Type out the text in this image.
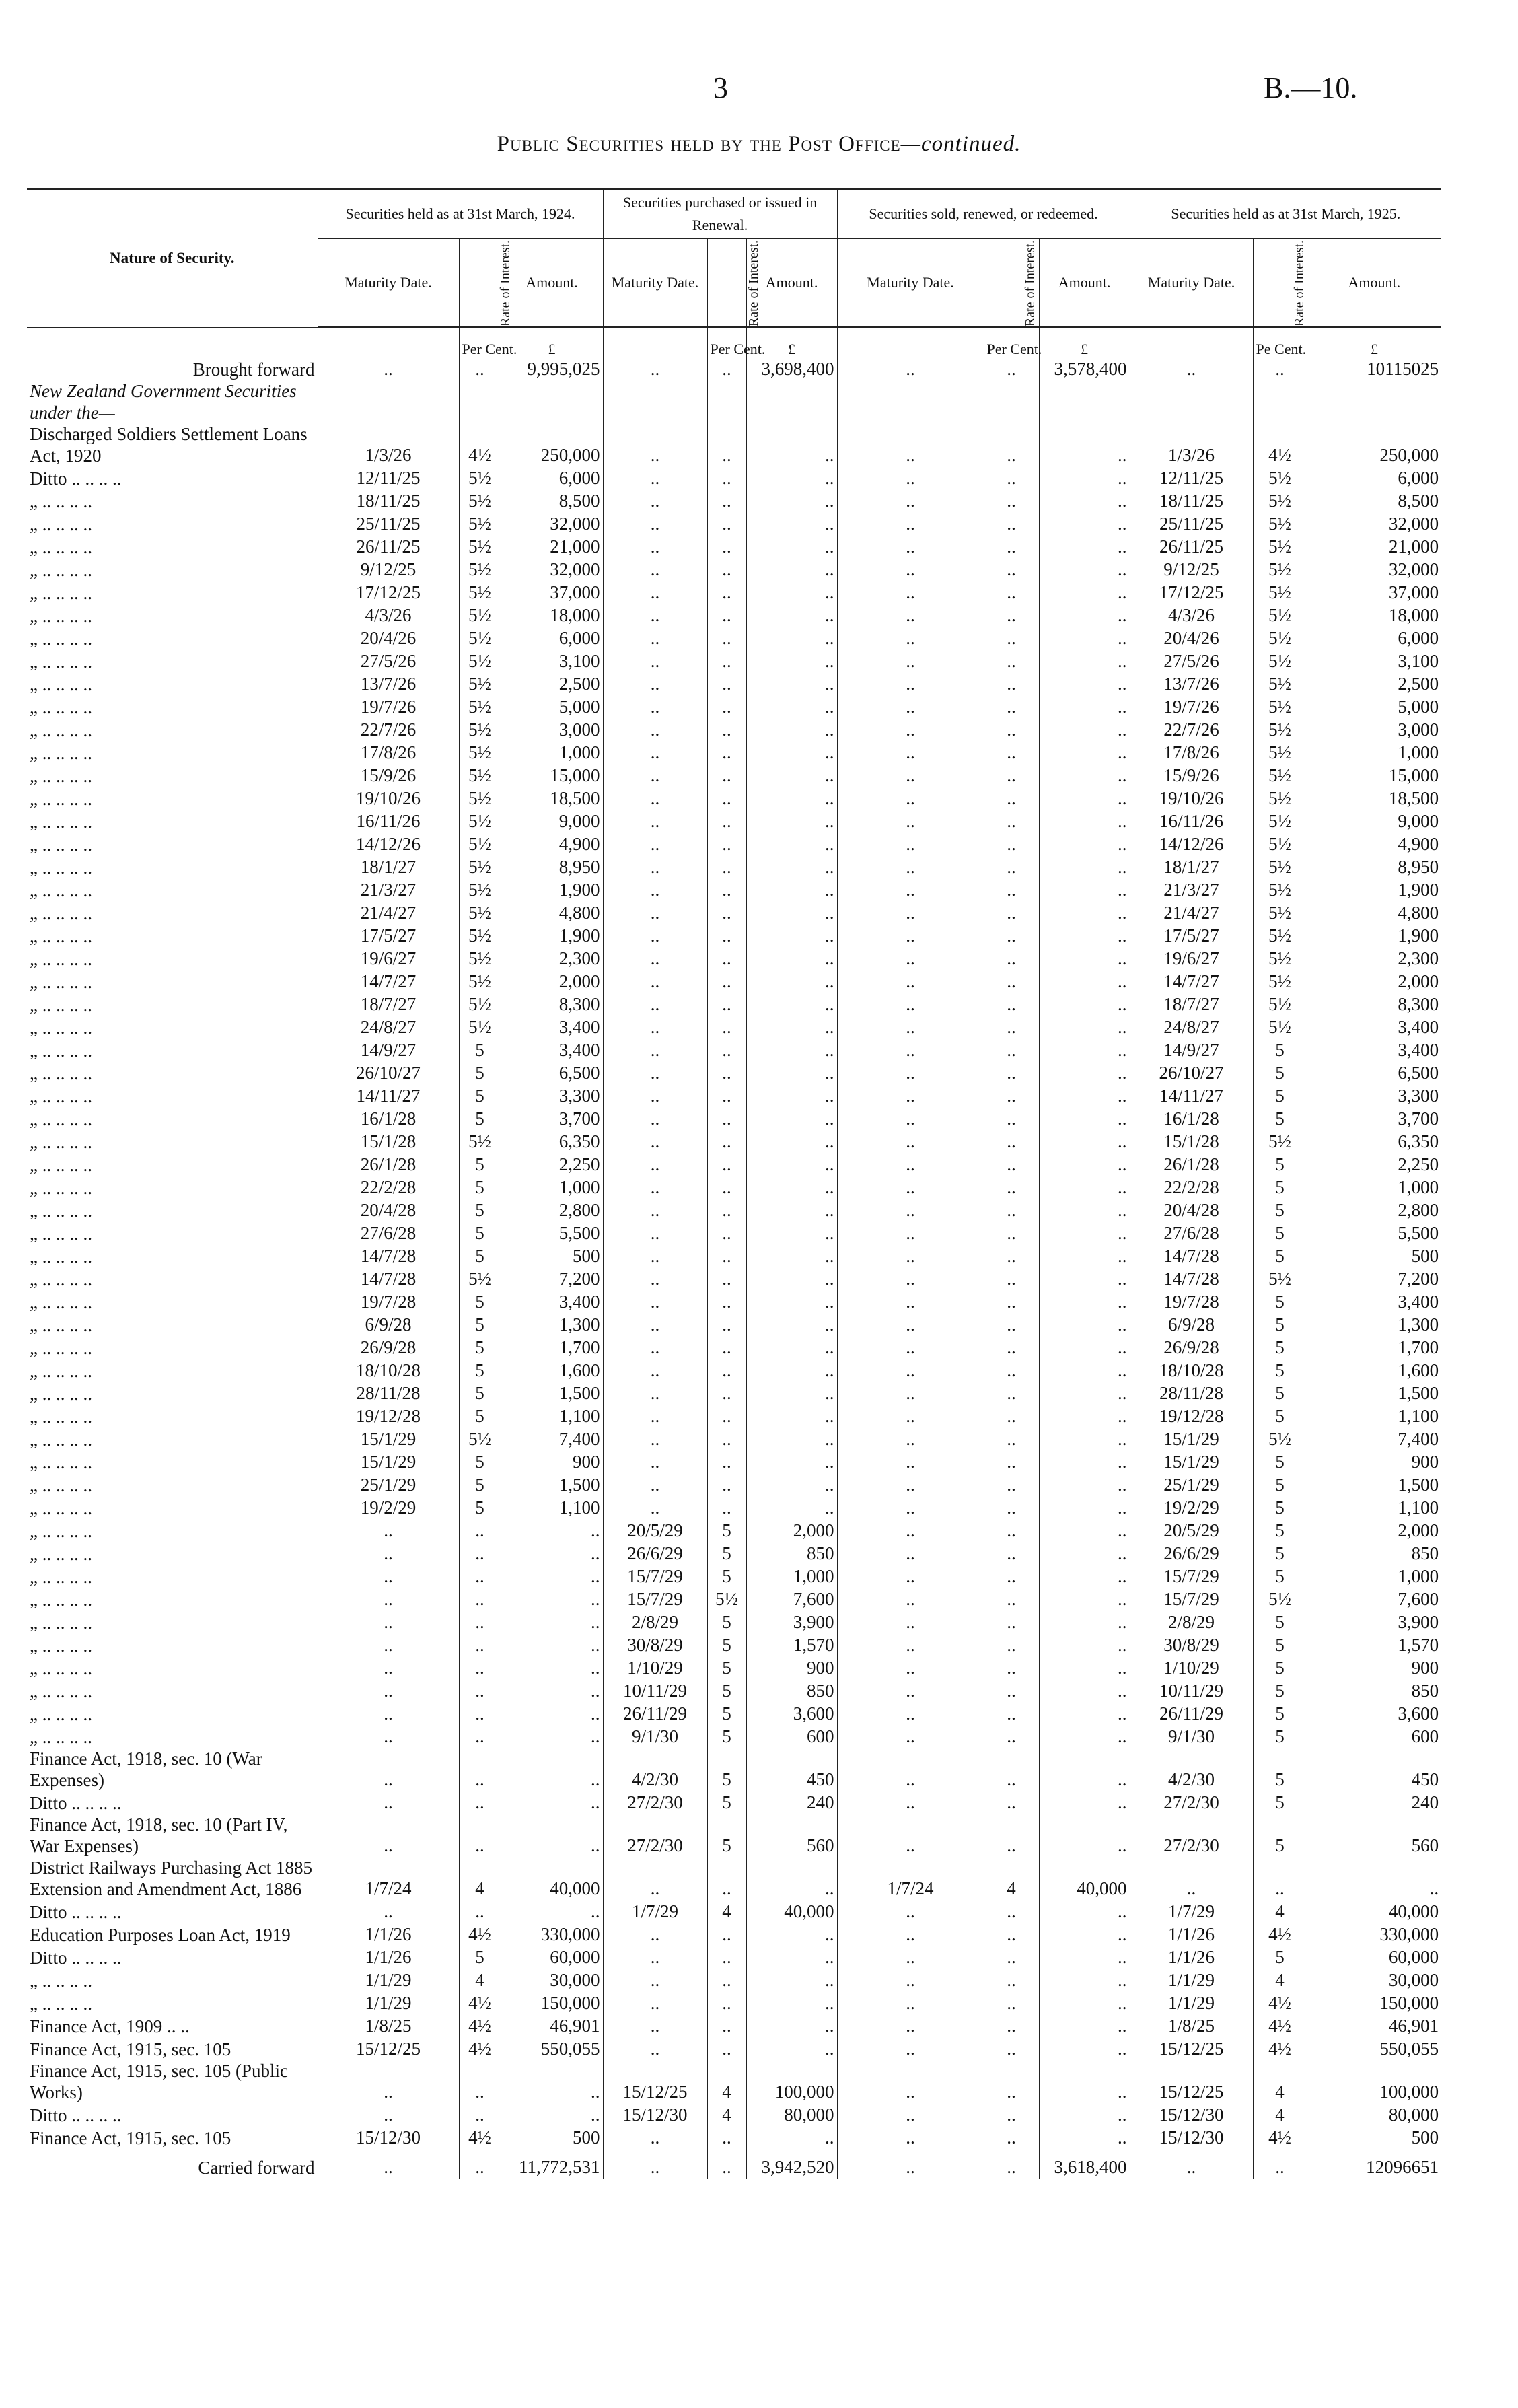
3	B.—10.
Public Securities held by the Post Office—continued.
Nature of Security.	Securities held as at 31st March, 1924.			Securities purchased or issued in Renewal.			Securities sold, renewed, or redeemed.			Securities held as at 31st March, 1925.		
	Maturity Date.	Rate of Interest.	Amount.	Maturity Date.	Rate of Interest.	Amount.	Maturity Date.	Rate of Interest.	Amount.	Maturity Date.	Rate of Interest.	Amount.
		Per Cent.	£		Per Cent.	£		Per Cent.	£		Pe Cent.	£
Brought forward	..	..	9,995,025	..	..	3,698,400	..	..	3,578,400	..	..	10115025
New Zealand Government Securities under the—												
Discharged Soldiers Settlement Loans Act, 1920	1/3/26	4½	250,000	..	..	..	..	..	..	1/3/26	4½	250,000
Ditto .. .. .. ..	12/11/25	5½	6,000	..	..	..	..	..	..	12/11/25	5½	6,000
„ .. .. .. ..	18/11/25	5½	8,500	..	..	..	..	..	..	18/11/25	5½	8,500
„ .. .. .. ..	25/11/25	5½	32,000	..	..	..	..	..	..	25/11/25	5½	32,000
„ .. .. .. ..	26/11/25	5½	21,000	..	..	..	..	..	..	26/11/25	5½	21,000
„ .. .. .. ..	9/12/25	5½	32,000	..	..	..	..	..	..	9/12/25	5½	32,000
„ .. .. .. ..	17/12/25	5½	37,000	..	..	..	..	..	..	17/12/25	5½	37,000
„ .. .. .. ..	4/3/26	5½	18,000	..	..	..	..	..	..	4/3/26	5½	18,000
„ .. .. .. ..	20/4/26	5½	6,000	..	..	..	..	..	..	20/4/26	5½	6,000
„ .. .. .. ..	27/5/26	5½	3,100	..	..	..	..	..	..	27/5/26	5½	3,100
„ .. .. .. ..	13/7/26	5½	2,500	..	..	..	..	..	..	13/7/26	5½	2,500
„ .. .. .. ..	19/7/26	5½	5,000	..	..	..	..	..	..	19/7/26	5½	5,000
„ .. .. .. ..	22/7/26	5½	3,000	..	..	..	..	..	..	22/7/26	5½	3,000
„ .. .. .. ..	17/8/26	5½	1,000	..	..	..	..	..	..	17/8/26	5½	1,000
„ .. .. .. ..	15/9/26	5½	15,000	..	..	..	..	..	..	15/9/26	5½	15,000
„ .. .. .. ..	19/10/26	5½	18,500	..	..	..	..	..	..	19/10/26	5½	18,500
„ .. .. .. ..	16/11/26	5½	9,000	..	..	..	..	..	..	16/11/26	5½	9,000
„ .. .. .. ..	14/12/26	5½	4,900	..	..	..	..	..	..	14/12/26	5½	4,900
„ .. .. .. ..	18/1/27	5½	8,950	..	..	..	..	..	..	18/1/27	5½	8,950
„ .. .. .. ..	21/3/27	5½	1,900	..	..	..	..	..	..	21/3/27	5½	1,900
„ .. .. .. ..	21/4/27	5½	4,800	..	..	..	..	..	..	21/4/27	5½	4,800
„ .. .. .. ..	17/5/27	5½	1,900	..	..	..	..	..	..	17/5/27	5½	1,900
„ .. .. .. ..	19/6/27	5½	2,300	..	..	..	..	..	..	19/6/27	5½	2,300
„ .. .. .. ..	14/7/27	5½	2,000	..	..	..	..	..	..	14/7/27	5½	2,000
„ .. .. .. ..	18/7/27	5½	8,300	..	..	..	..	..	..	18/7/27	5½	8,300
„ .. .. .. ..	24/8/27	5½	3,400	..	..	..	..	..	..	24/8/27	5½	3,400
„ .. .. .. ..	14/9/27	5	3,400	..	..	..	..	..	..	14/9/27	5	3,400
„ .. .. .. ..	26/10/27	5	6,500	..	..	..	..	..	..	26/10/27	5	6,500
„ .. .. .. ..	14/11/27	5	3,300	..	..	..	..	..	..	14/11/27	5	3,300
„ .. .. .. ..	16/1/28	5	3,700	..	..	..	..	..	..	16/1/28	5	3,700
„ .. .. .. ..	15/1/28	5½	6,350	..	..	..	..	..	..	15/1/28	5½	6,350
„ .. .. .. ..	26/1/28	5	2,250	..	..	..	..	..	..	26/1/28	5	2,250
„ .. .. .. ..	22/2/28	5	1,000	..	..	..	..	..	..	22/2/28	5	1,000
„ .. .. .. ..	20/4/28	5	2,800	..	..	..	..	..	..	20/4/28	5	2,800
„ .. .. .. ..	27/6/28	5	5,500	..	..	..	..	..	..	27/6/28	5	5,500
„ .. .. .. ..	14/7/28	5	500	..	..	..	..	..	..	14/7/28	5	500
„ .. .. .. ..	14/7/28	5½	7,200	..	..	..	..	..	..	14/7/28	5½	7,200
„ .. .. .. ..	19/7/28	5	3,400	..	..	..	..	..	..	19/7/28	5	3,400
„ .. .. .. ..	6/9/28	5	1,300	..	..	..	..	..	..	6/9/28	5	1,300
„ .. .. .. ..	26/9/28	5	1,700	..	..	..	..	..	..	26/9/28	5	1,700
„ .. .. .. ..	18/10/28	5	1,600	..	..	..	..	..	..	18/10/28	5	1,600
„ .. .. .. ..	28/11/28	5	1,500	..	..	..	..	..	..	28/11/28	5	1,500
„ .. .. .. ..	19/12/28	5	1,100	..	..	..	..	..	..	19/12/28	5	1,100
„ .. .. .. ..	15/1/29	5½	7,400	..	..	..	..	..	..	15/1/29	5½	7,400
„ .. .. .. ..	15/1/29	5	900	..	..	..	..	..	..	15/1/29	5	900
„ .. .. .. ..	25/1/29	5	1,500	..	..	..	..	..	..	25/1/29	5	1,500
„ .. .. .. ..	19/2/29	5	1,100	..	..	..	..	..	..	19/2/29	5	1,100
„ .. .. .. ..	..	..	..	20/5/29	5	2,000	..	..	..	20/5/29	5	2,000
„ .. .. .. ..	..	..	..	26/6/29	5	850	..	..	..	26/6/29	5	850
„ .. .. .. ..	..	..	..	15/7/29	5	1,000	..	..	..	15/7/29	5	1,000
„ .. .. .. ..	..	..	..	15/7/29	5½	7,600	..	..	..	15/7/29	5½	7,600
„ .. .. .. ..	..	..	..	2/8/29	5	3,900	..	..	..	2/8/29	5	3,900
„ .. .. .. ..	..	..	..	30/8/29	5	1,570	..	..	..	30/8/29	5	1,570
„ .. .. .. ..	..	..	..	1/10/29	5	900	..	..	..	1/10/29	5	900
„ .. .. .. ..	..	..	..	10/11/29	5	850	..	..	..	10/11/29	5	850
„ .. .. .. ..	..	..	..	26/11/29	5	3,600	..	..	..	26/11/29	5	3,600
„ .. .. .. ..	..	..	..	9/1/30	5	600	..	..	..	9/1/30	5	600
Finance Act, 1918, sec. 10 (War Expenses)	..	..	..	4/2/30	5	450	..	..	..	4/2/30	5	450
Ditto .. .. .. ..	..	..	..	27/2/30	5	240	..	..	..	27/2/30	5	240
Finance Act, 1918, sec. 10 (Part IV, War Expenses)	..	..	..	27/2/30	5	560	..	..	..	27/2/30	5	560
District Railways Purchasing Act 1885 Extension and Amendment Act, 1886	1/7/24	4	40,000	..	..	..	1/7/24	4	40,000	..	..	..
Ditto .. .. .. ..	..	..	..	1/7/29	4	40,000	..	..	..	1/7/29	4	40,000
Education Purposes Loan Act, 1919	1/1/26	4½	330,000	..	..	..	..	..	..	1/1/26	4½	330,000
Ditto .. .. .. ..	1/1/26	5	60,000	..	..	..	..	..	..	1/1/26	5	60,000
„ .. .. .. ..	1/1/29	4	30,000	..	..	..	..	..	..	1/1/29	4	30,000
„ .. .. .. ..	1/1/29	4½	150,000	..	..	..	..	..	..	1/1/29	4½	150,000
Finance Act, 1909 .. ..	1/8/25	4½	46,901	..	..	..	..	..	..	1/8/25	4½	46,901
Finance Act, 1915, sec. 105	15/12/25	4½	550,055	..	..	..	..	..	..	15/12/25	4½	550,055
Finance Act, 1915, sec. 105 (Public Works)	..	..	..	15/12/25	4	100,000	..	..	..	15/12/25	4	100,000
Ditto .. .. .. ..	..	..	..	15/12/30	4	80,000	..	..	..	15/12/30	4	80,000
Finance Act, 1915, sec. 105	15/12/30	4½	500	..	..	..	..	..	..	15/12/30	4½	500
Carried forward	..	..	11,772,531	..	..	3,942,520	..	..	3,618,400	..	..	12096651
